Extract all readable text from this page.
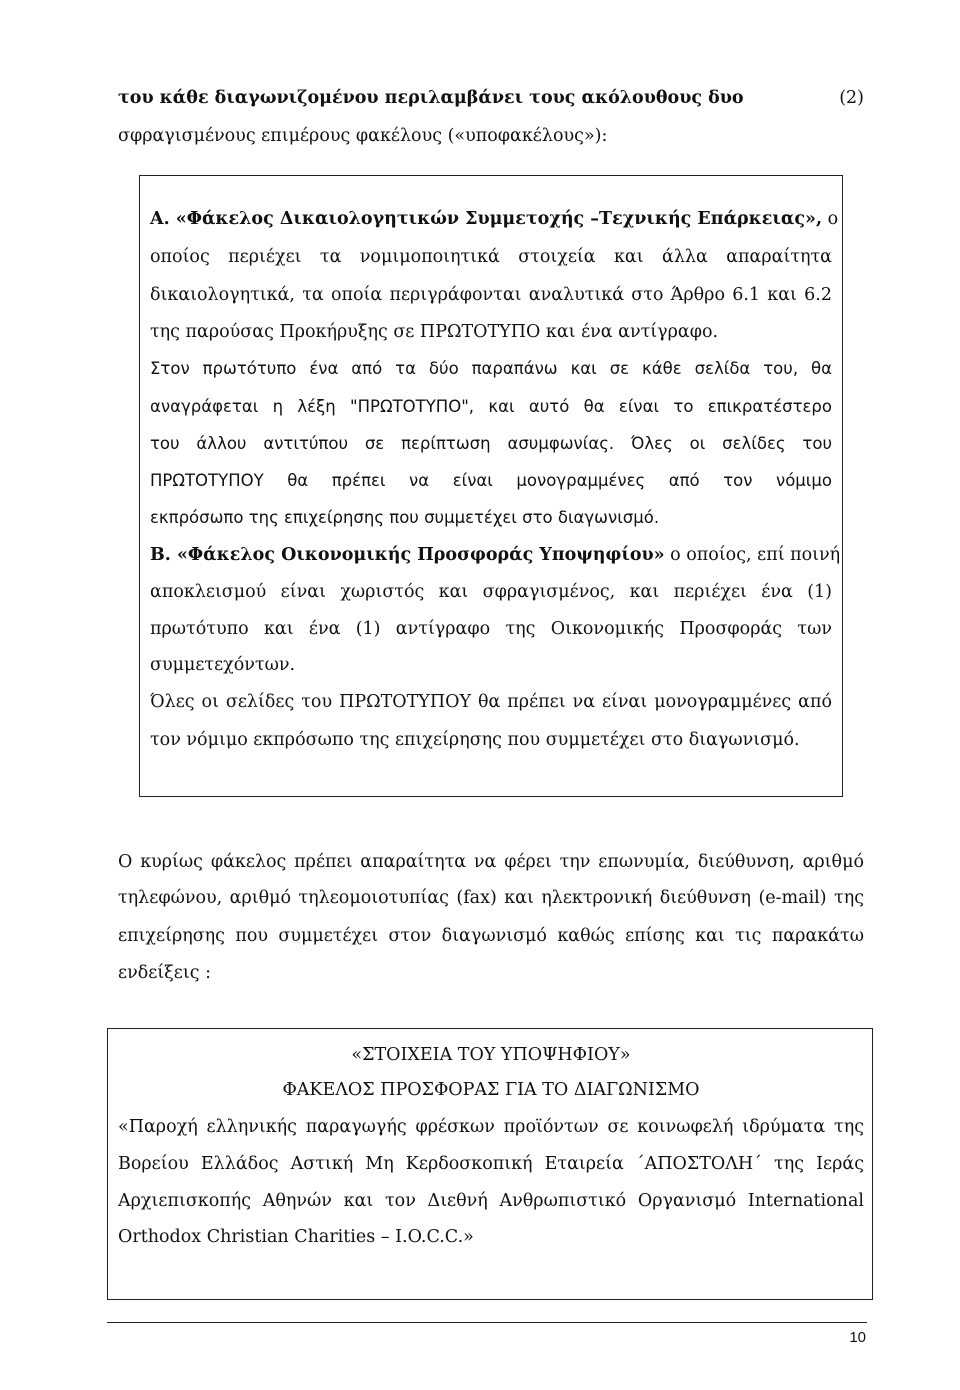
του κάθε διαγωνιζομένου περιλαμβάνει τους ακόλουθους δυο	(2)
σφραγισμένους επιμέρους φακέλους («υποφακέλους»):
Α. «Φάκελος Δικαιολογητικών Συμμετοχής –Τεχνικής Επάρκειας», ο
οποίος περιέχει τα νομιμοποιητικά στοιχεία και άλλα απαραίτητα
δικαιολογητικά, τα οποία περιγράφονται αναλυτικά στο Άρθρο 6.1 και 6.2
της παρούσας Προκήρυξης σε ΠΡΩΤΟΤΥΠΟ και ένα αντίγραφο.
Στον πρωτότυπο ένα από τα δύο παραπάνω και σε κάθε σελίδα του, θα
αναγράφεται η λέξη "ΠΡΩΤΟΤΥΠΟ", και αυτό θα είναι το επικρατέστερο
του άλλου αντιτύπου σε περίπτωση ασυμφωνίας. Όλες οι σελίδες του
ΠΡΩΤΟΤΥΠΟΥ θα πρέπει να είναι μονογραμμένες από τον νόμιμο
εκπρόσωπο της επιχείρησης που συμμετέχει στο διαγωνισμό.
Β. «Φάκελος Οικονομικής Προσφοράς Υποψηφίου» ο οποίος, επί ποινή
αποκλεισμού είναι χωριστός και σφραγισμένος, και περιέχει ένα (1)
πρωτότυπο και ένα (1) αντίγραφο της Οικονομικής Προσφοράς των
συμμετεχόντων.
Όλες οι σελίδες του ΠΡΩΤΟΤΥΠΟΥ θα πρέπει να είναι μονογραμμένες από
τον νόμιμο εκπρόσωπο της επιχείρησης που συμμετέχει στο διαγωνισμό.
Ο κυρίως φάκελος πρέπει απαραίτητα να φέρει την επωνυμία, διεύθυνση, αριθμό
τηλεφώνου, αριθμό τηλεομοιοτυπίας (fax) και ηλεκτρονική διεύθυνση (e-mail) της
επιχείρησης που συμμετέχει στον διαγωνισμό καθώς επίσης και τις παρακάτω
ενδείξεις :
«ΣΤΟΙΧΕΙΑ ΤΟΥ ΥΠΟΨΗΦΙΟΥ»
ΦΑΚΕΛΟΣ ΠΡΟΣΦΟΡΑΣ ΓΙΑ ΤΟ ΔΙΑΓΩΝΙΣΜΟ
«Παροχή ελληνικής παραγωγής φρέσκων προϊόντων σε κοινωφελή ιδρύματα της
Βορείου Ελλάδος Αστική Μη Κερδοσκοπική Εταιρεία ΄ΑΠΟΣΤΟΛΗ΄ της Ιεράς
Αρχιεπισκοπής Αθηνών και τον Διεθνή Ανθρωπιστικό Οργανισμό International
Orthodox Christian Charities – I.O.C.C.»
10
